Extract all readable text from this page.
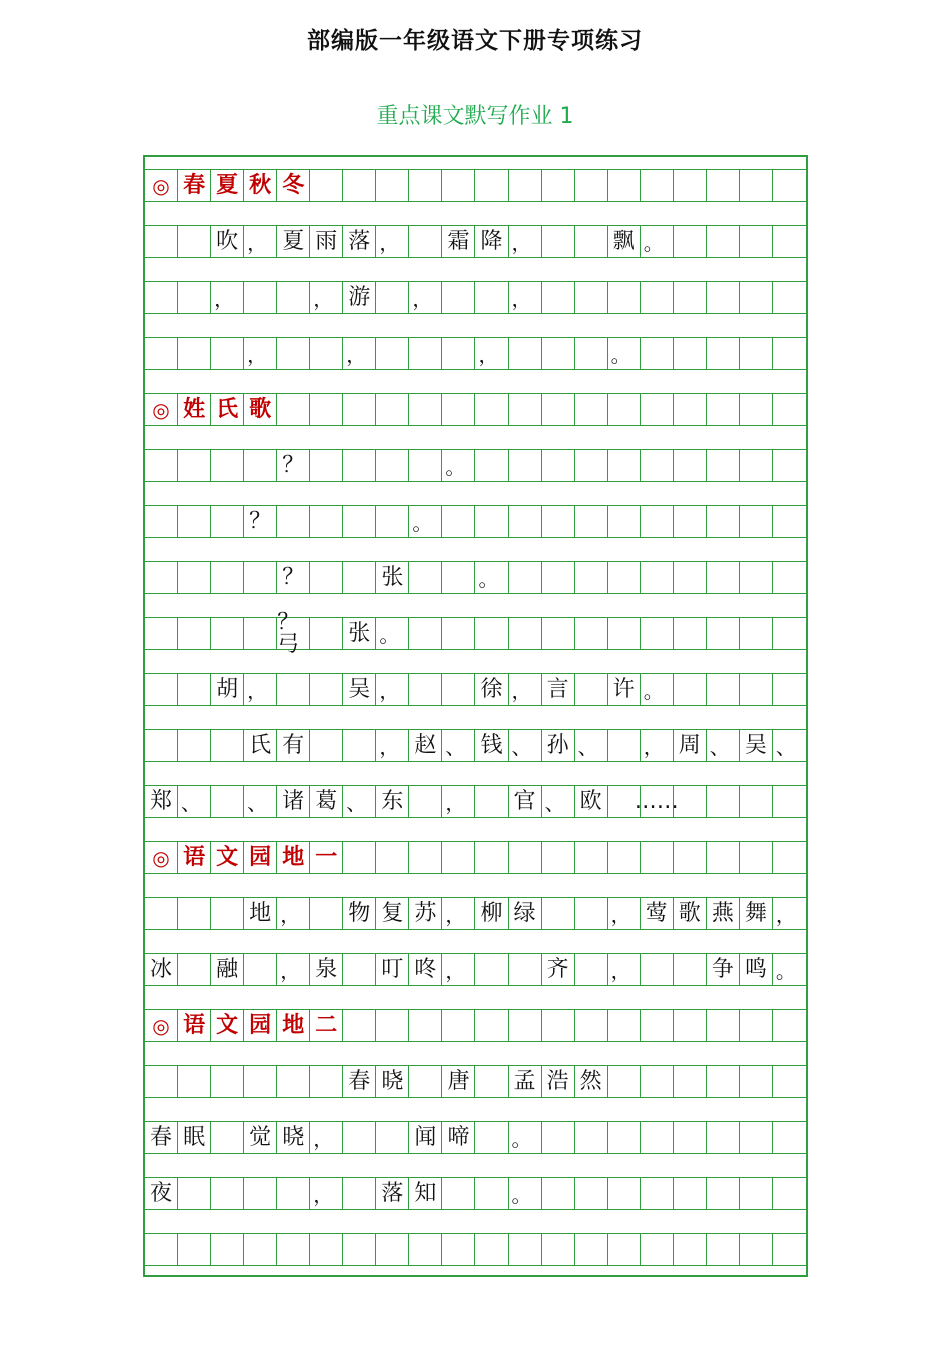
部编版一年级语文下册专项练习
重点课文默写作业 1
◎ 春 夏 秋 冬
吹 ， 夏 雨 落 ， 霜 降 ，	飘 。
，	， 游	，	，
，	，	，	。
◎ 姓 氏 歌
？	。
？	。
？	张	。
？弓	张 。
胡 ，	吴 ，	徐 ， 言 许 。
氏 有	， 赵 、 钱 、 孙 、 ， 周 、 吴 、
郑 、 、 诸 葛 、 东	， 官 、 欧 ……
◎ 语 文 园 地 一
地 ， 物 复 苏 ， 柳 绿	， 莺 歌 燕 舞 ，
冰 融	， 泉 叮 咚 ，	齐	，	争 鸣 。
◎ 语 文 园 地 二
春 晓 唐 孟 浩 然
春 眠 觉 晓 ，	闻 啼	。
夜	， 落 知	。
